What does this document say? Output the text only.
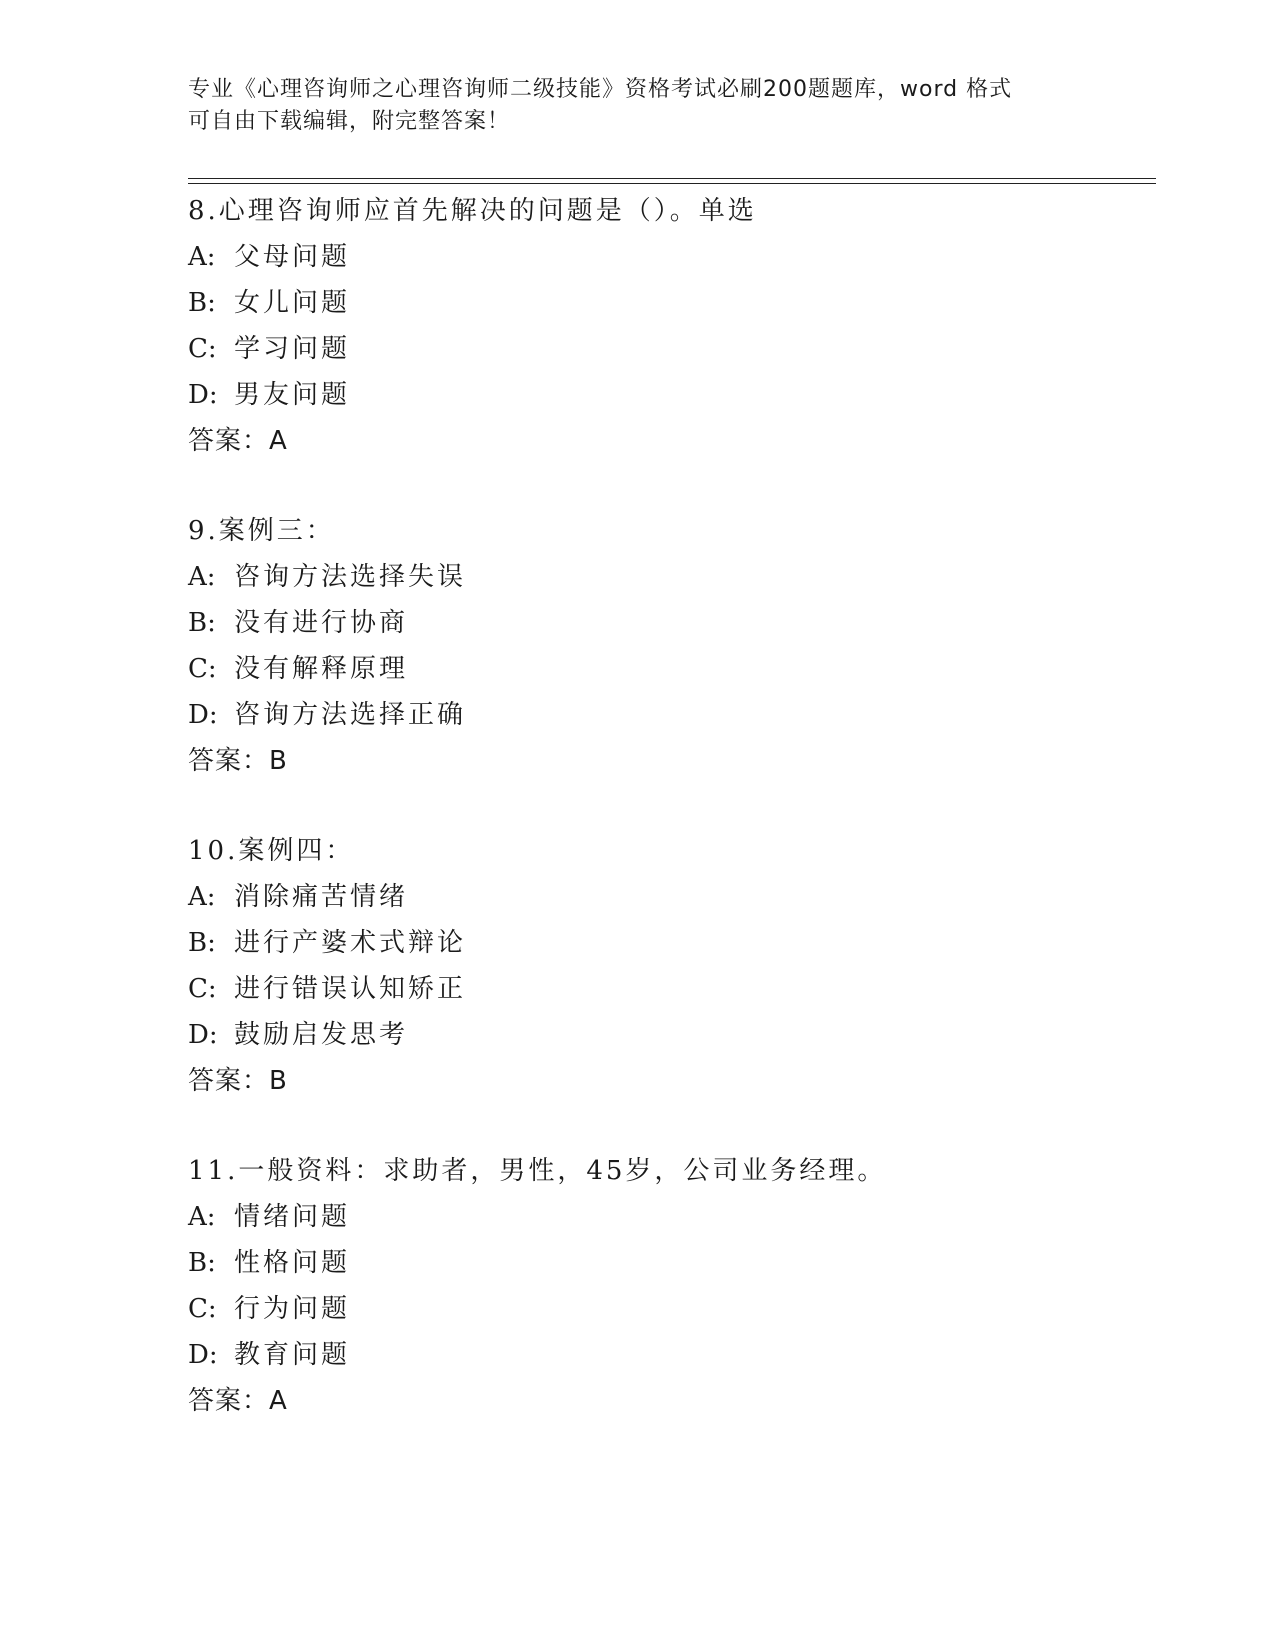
专业《心理咨询师之心理咨询师二级技能》资格考试必刷200题题库，word 格式
可自由下载编辑，附完整答案！
8.心理咨询师应首先解决的问题是（）。单选
A: 父母问题
B: 女儿问题
C: 学习问题
D: 男友问题
答案：A
9.案例三：
A: 咨询方法选择失误
B: 没有进行协商
C: 没有解释原理
D: 咨询方法选择正确
答案：B
10.案例四：
A: 消除痛苦情绪
B: 进行产婆术式辩论
C: 进行错误认知矫正
D: 鼓励启发思考
答案：B
11.一般资料：求助者，男性，45岁，公司业务经理。
A: 情绪问题
B: 性格问题
C: 行为问题
D: 教育问题
答案：A
